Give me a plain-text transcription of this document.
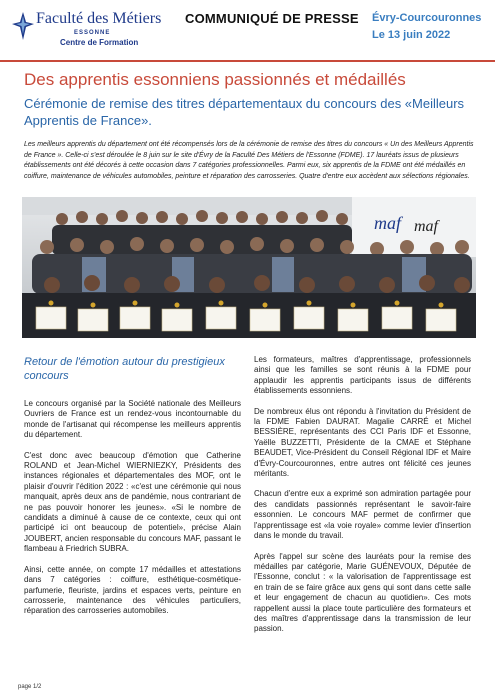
Faculté des Métiers
ESSONNE
Centre de Formation
COMMUNIQUÉ DE PRESSE Évry-Courcouronnes
Le 13 juin 2022
Des apprentis essonniens passionnés et médaillés
Cérémonie de remise des titres départementaux du concours des «Meilleurs Apprentis de France».
Les meilleurs apprentis du département ont été récompensés lors de la cérémonie de remise des titres du concours « Un des Meilleurs Apprentis de France ». Celle-ci s'est déroulée le 8 juin sur le site d'Évry de la Faculté Des Métiers de l'Essonne (FDME). 17 lauréats issus de plusieurs établissements ont été décorés à cette occasion dans 7 catégories professionnelles. Parmi eux, six apprentis de la FDME ont été médaillés en coiffure, maintenance de véhicules automobiles, peinture et réparation des carrosseries. Quatre d'entre eux accèdent aux sélections régionales.
maf maf

Retour de l'émotion autour du prestigieux concours

Le concours organisé par la Société nationale des Meilleurs Ouvriers de France est un rendez-vous incontournable du monde de l'artisanat qui récompense les meilleurs apprentis du département.

C'est donc avec beaucoup d'émotion que Catherine ROLAND et Jean-Michel WIERNIEZKY, Présidents des instances régionales et départementales des MOF, ont le plaisir d'ouvrir l'édition 2022 : «c'est une cérémonie qui nous manquait, après deux ans de pandémie, nous contrariant de ne pas pouvoir honorer les jeunes». «Si le nombre de candidats a diminué à cause de ce contexte, ceux qui ont participé ici ont beaucoup de potentiel», précise Alain JOUBERT, ancien responsable du concours MAF, passant le flambeau à Friedrich SUBRA.

Ainsi, cette année, on compte 17 médailles et attestations dans 7 catégories : coiffure, esthétique-cosmétique-parfumerie, fleuriste, jardins et espaces verts, peinture en carrosserie, maintenance des véhicules particuliers, réparation des carrosseries automobiles.

Les formateurs, maîtres d'apprentissage, professionnels ainsi que les familles se sont réunis à la FDME pour applaudir les apprentis participants issus de différents établissements essonniens.

De nombreux élus ont répondu à l'invitation du Président de la FDME Fabien DAURAT. Magalie CARRÉ et Michel BESSIÈRE, représentants des CCI Paris IDF et Essonne, Yaëlle BUZZETTI, Présidente de la CMAE et Stéphane BEAUDET, Vice-Président du Conseil Régional IDF et Maire d'Évry-Courcouronnes, entre autres ont félicité ces jeunes méritants.

Chacun d'entre eux a exprimé son admiration partagée pour des candidats passionnés représentant le savoir-faire essonnien. Le concours MAF permet de confirmer que l'apprentissage est «la voie royale» comme levier d'insertion dans le monde du travail.

Après l'appel sur scène des lauréats pour la remise des médailles par catégorie, Marie GUÉNEVOUX, Députée de l'Essonne, conclut : « la valorisation de l'apprentissage est en train de se faire grâce aux gens qui sont dans cette salle et leur engagement de chacun au quotidien». Ces mots rappellent aussi la place toute particulière des formateurs et des maîtres d'apprentissage dans la transmission de leur passion.

page 1/2
